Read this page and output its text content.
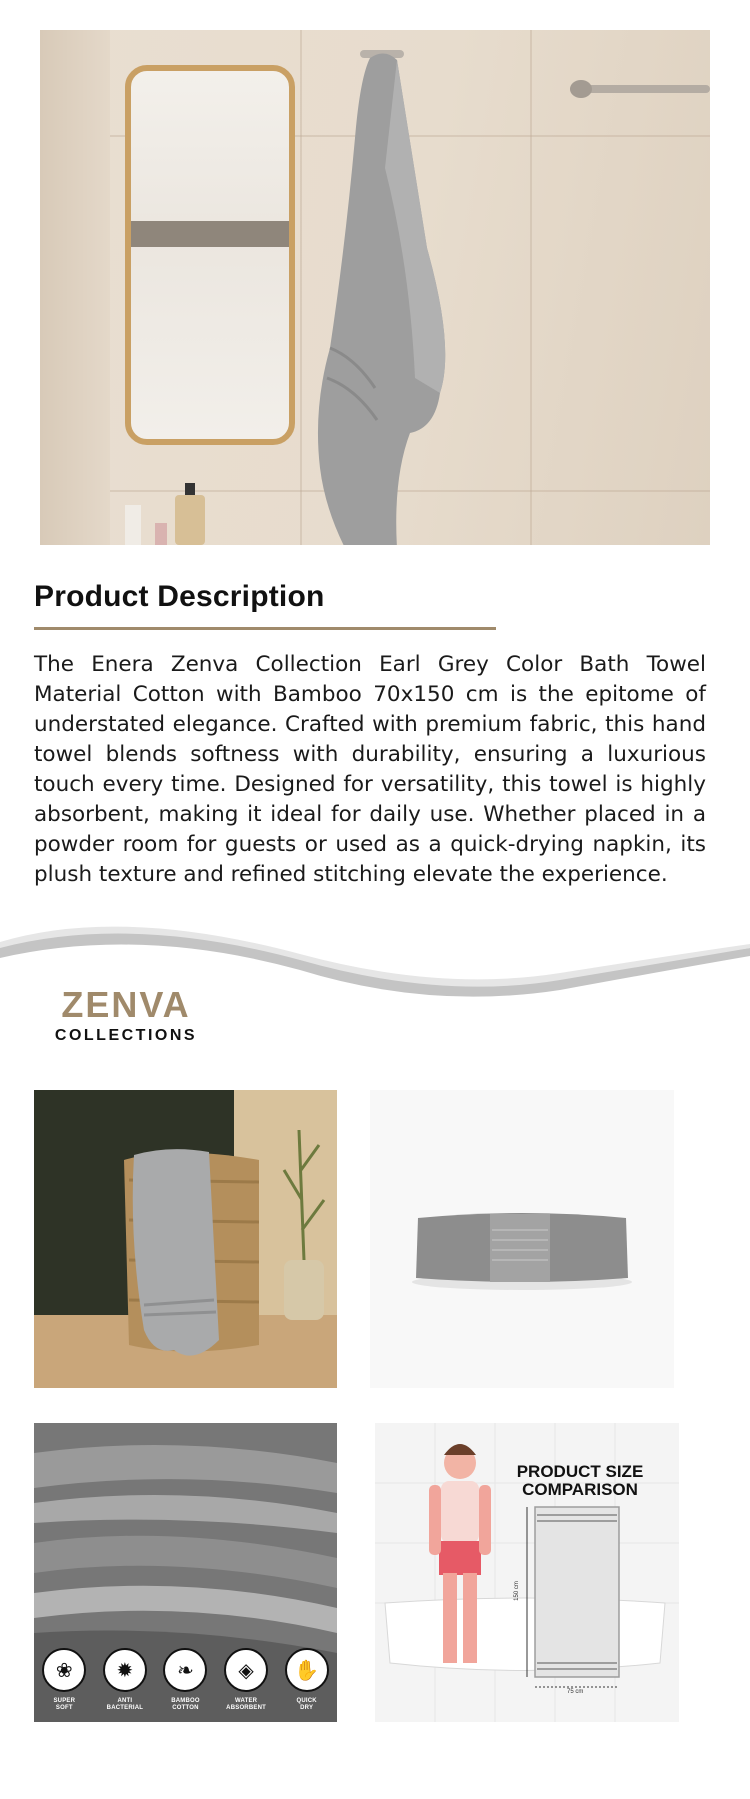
Product Description

The Enera Zenva Collection Earl Grey Color Bath Towel Material Cotton with Bamboo 70x150 cm is the epitome of understated elegance. Crafted with premium fabric, this hand towel blends softness with durability, ensuring a luxurious touch every time. Designed for versatility, this towel is highly absorbent, making it ideal for daily use. Whether placed in a powder room for guests or used as a quick-drying napkin, its plush texture and refined stitching elevate the experience.

ZENVA
COLLECTIONS
❀
SUPER
SOFT
✹
ANTI
BACTERIAL
❧
BAMBOO
COTTON
◈
WATER
ABSORBENT
✋
QUICK
DRY
PRODUCT SIZE
COMPARISON
150 cm
75 cm
